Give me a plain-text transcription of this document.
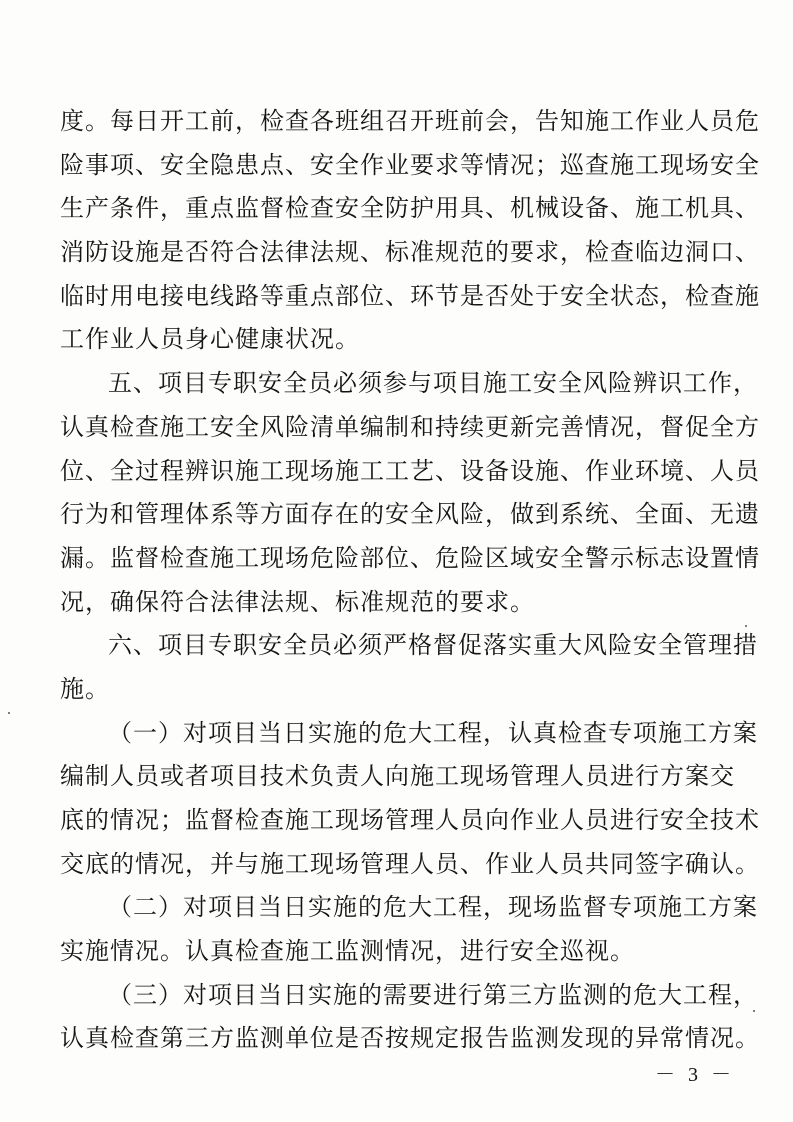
度。每日开工前，检查各班组召开班前会，告知施工作业人员危
险事项、安全隐患点、安全作业要求等情况；巡查施工现场安全
生产条件，重点监督检查安全防护用具、机械设备、施工机具、
消防设施是否符合法律法规、标准规范的要求，检查临边洞口、
临时用电接电线路等重点部位、环节是否处于安全状态，检查施
工作业人员身心健康状况。
五、项目专职安全员必须参与项目施工安全风险辨识工作，
认真检查施工安全风险清单编制和持续更新完善情况，督促全方
位、全过程辨识施工现场施工工艺、设备设施、作业环境、人员
行为和管理体系等方面存在的安全风险，做到系统、全面、无遗
漏。监督检查施工现场危险部位、危险区域安全警示标志设置情
况，确保符合法律法规、标准规范的要求。
六、项目专职安全员必须严格督促落实重大风险安全管理措
施。
（一）对项目当日实施的危大工程，认真检查专项施工方案
编制人员或者项目技术负责人向施工现场管理人员进行方案交
底的情况；监督检查施工现场管理人员向作业人员进行安全技术
交底的情况，并与施工现场管理人员、作业人员共同签字确认。
（二）对项目当日实施的危大工程，现场监督专项施工方案
实施情况。认真检查施工监测情况，进行安全巡视。
（三）对项目当日实施的需要进行第三方监测的危大工程，
认真检查第三方监测单位是否按规定报告监测发现的异常情况。
－ 3 －
